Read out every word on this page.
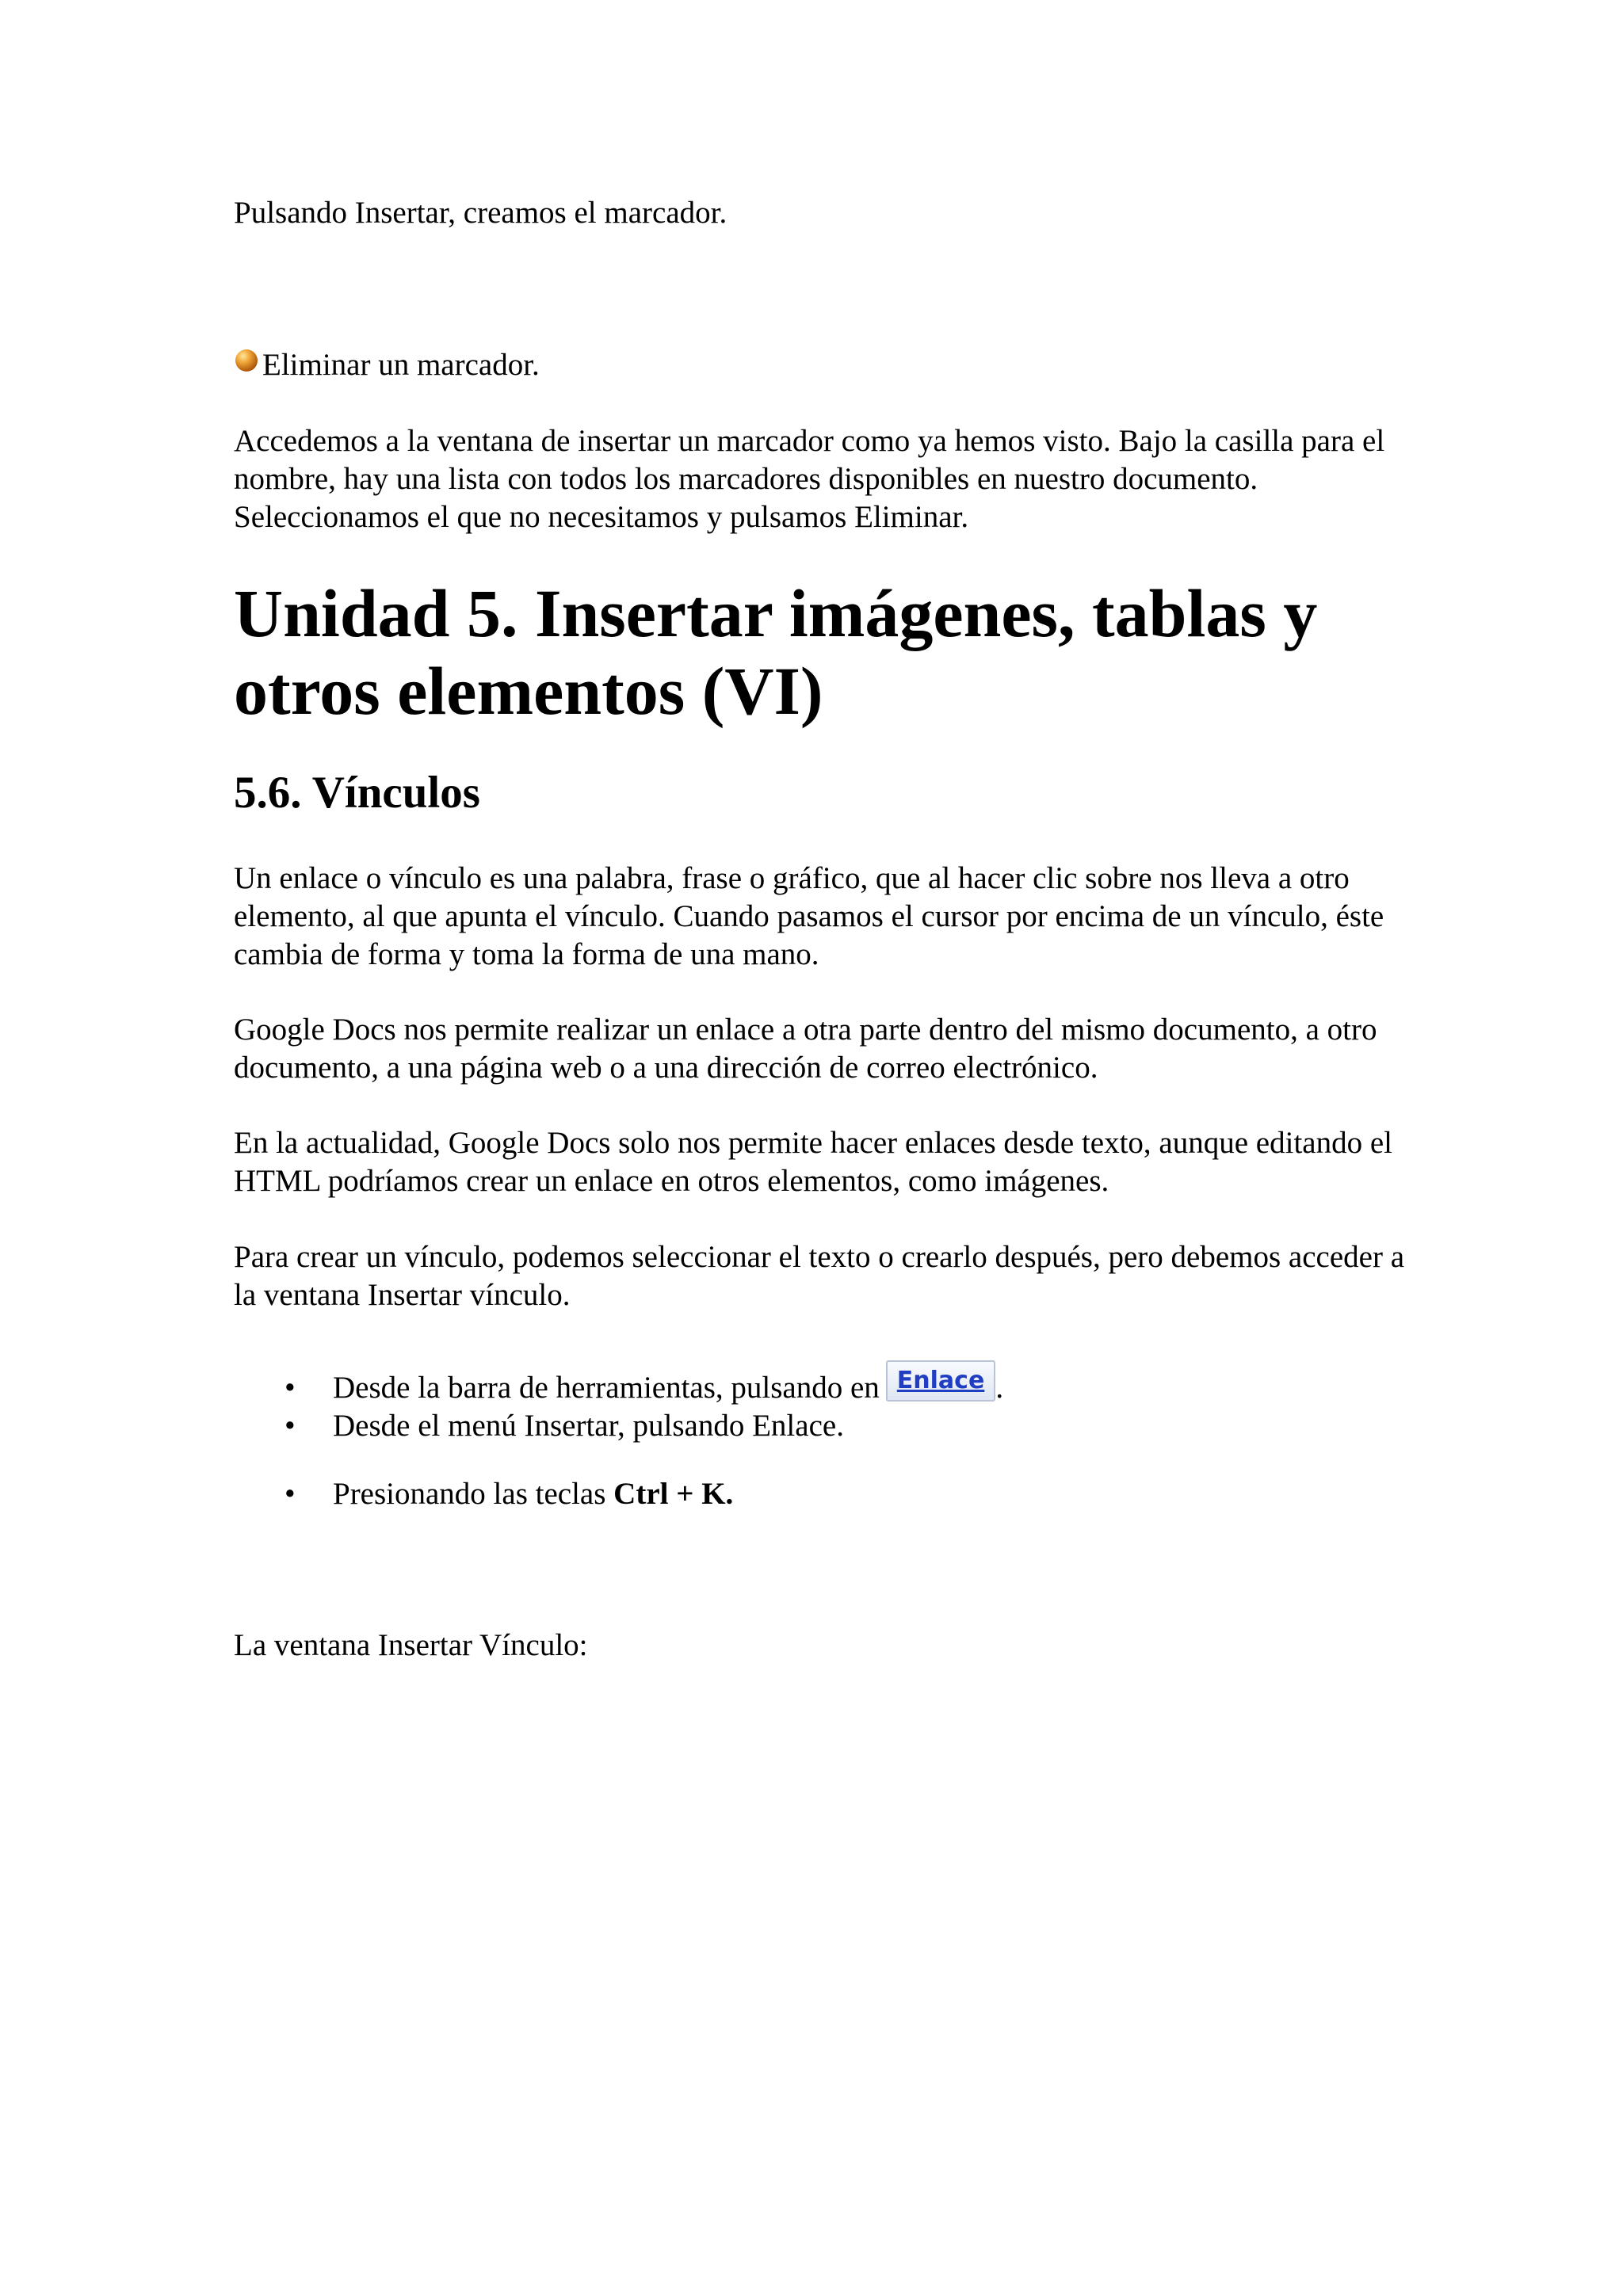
Pulsando Insertar, creamos el marcador.

Eliminar un marcador.

Accedemos a la ventana de insertar un marcador como ya hemos visto. Bajo la casilla para el nombre, hay una lista con todos los marcadores disponibles en nuestro documento. Seleccionamos el que no necesitamos y pulsamos Eliminar.

Unidad 5. Insertar imágenes, tablas y otros elementos (VI)
5.6. Vínculos

Un enlace o vínculo es una palabra, frase o gráfico, que al hacer clic sobre nos lleva a otro elemento, al que apunta el vínculo. Cuando pasamos el cursor por encima de un vínculo, éste cambia de forma y toma la forma de una mano.

Google Docs nos permite realizar un enlace a otra parte dentro del mismo documento, a otro documento, a una página web o a una dirección de correo electrónico.

En la actualidad, Google Docs solo nos permite hacer enlaces desde texto, aunque editando el HTML podríamos crear un enlace en otros elementos, como imágenes.

Para crear un vínculo, podemos seleccionar el texto o crearlo después, pero debemos acceder a la ventana Insertar vínculo.

• Desde la barra de herramientas, pulsando en Enlace .
• Desde el menú Insertar, pulsando Enlace.
• Presionando las teclas Ctrl + K.

La ventana Insertar Vínculo:
